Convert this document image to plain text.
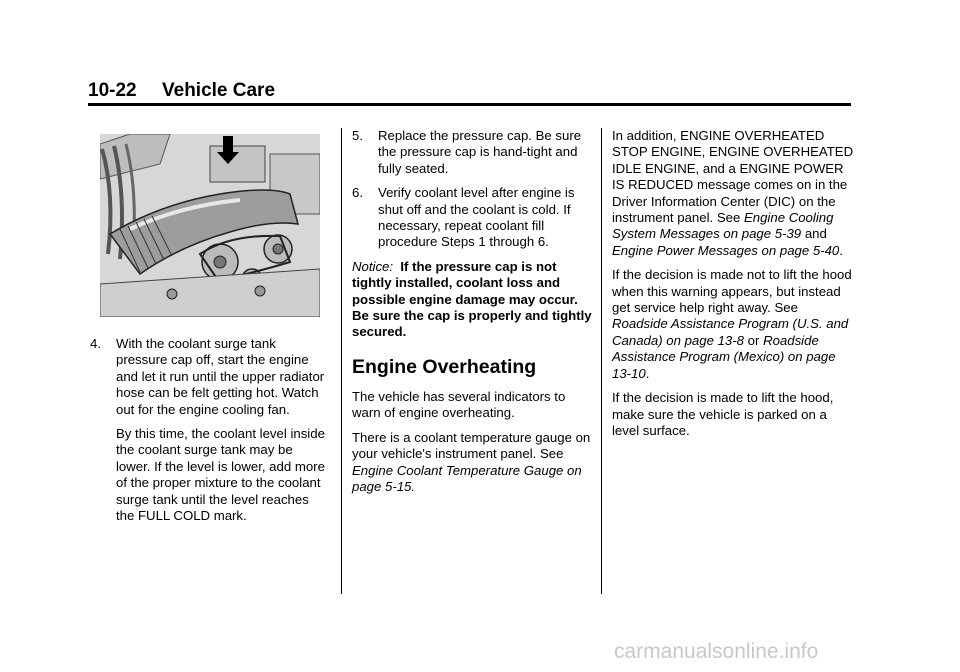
10-22 Vehicle Care
4. With the coolant surge tank pressure cap off, start the engine and let it run until the upper radiator hose can be felt getting hot. Watch out for the engine cooling fan.

By this time, the coolant level inside the coolant surge tank may be lower. If the level is lower, add more of the proper mixture to the coolant surge tank until the level reaches the FULL COLD mark.

5. Replace the pressure cap. Be sure the pressure cap is hand-tight and fully seated.
6. Verify coolant level after engine is shut off and the coolant is cold. If necessary, repeat coolant fill procedure Steps 1 through 6.

Notice: If the pressure cap is not tightly installed, coolant loss and possible engine damage may occur. Be sure the cap is properly and tightly secured.

Engine Overheating

The vehicle has several indicators to warn of engine overheating.

There is a coolant temperature gauge on your vehicle's instrument panel. See Engine Coolant Temperature Gauge on page 5-15.

In addition, ENGINE OVERHEATED STOP ENGINE, ENGINE OVERHEATED IDLE ENGINE, and a ENGINE POWER IS REDUCED message comes on in the Driver Information Center (DIC) on the instrument panel. See Engine Cooling System Messages on page 5-39 and Engine Power Messages on page 5-40.

If the decision is made not to lift the hood when this warning appears, but instead get service help right away. See Roadside Assistance Program (U.S. and Canada) on page 13-8 or Roadside Assistance Program (Mexico) on page 13-10.

If the decision is made to lift the hood, make sure the vehicle is parked on a level surface.

carmanualsonline.info
